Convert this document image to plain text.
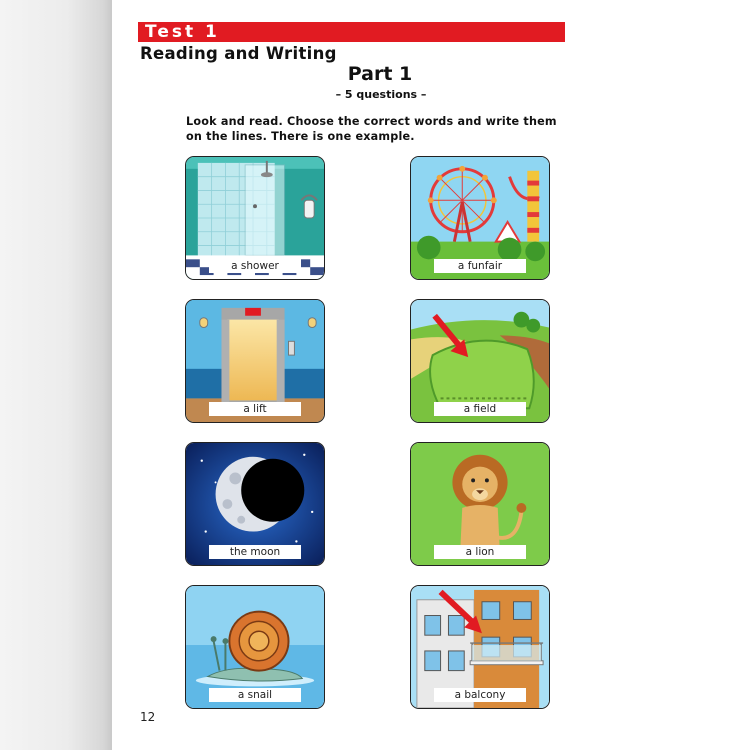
Test 1
Reading and Writing
Part 1
– 5 questions –
Look and read. Choose the correct words and write them on the lines. There is one example.
a shower	a funfair
a lift	a field
the moon	a lion
a snail	a balcony
12
